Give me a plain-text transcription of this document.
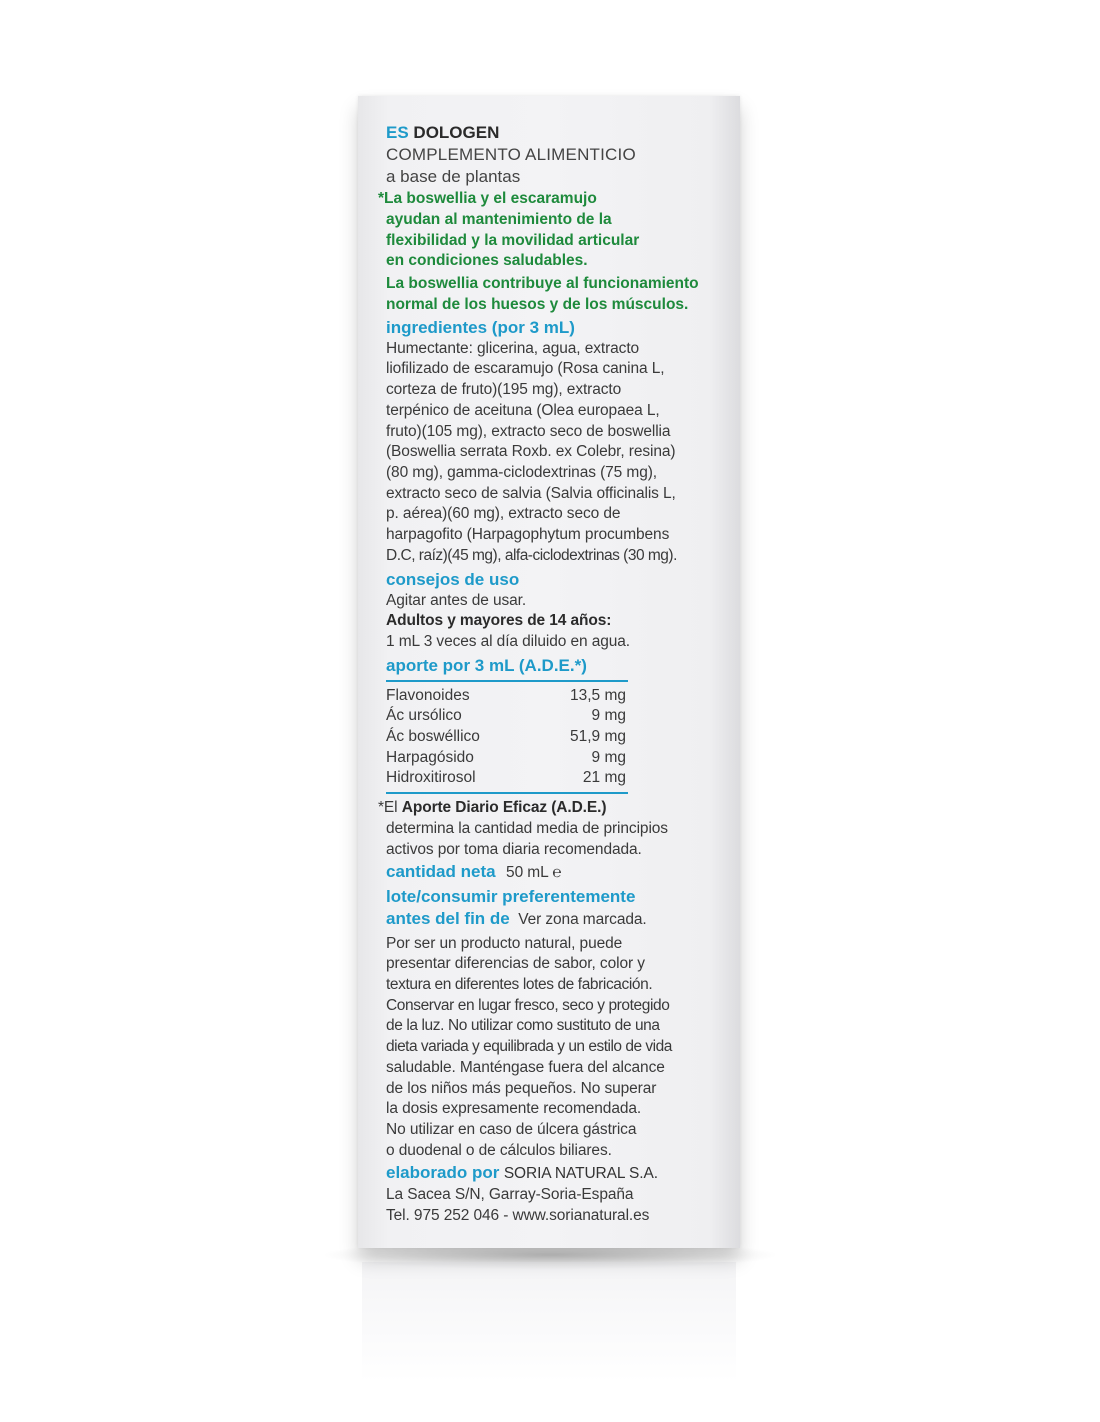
ES DOLOGEN
COMPLEMENTO ALIMENTICIO
a base de plantas
*La boswellia y el escaramujo
ayudan al mantenimiento de la
flexibilidad y la movilidad articular
en condiciones saludables.
La boswellia contribuye al funcionamiento
normal de los huesos y de los músculos.
ingredientes (por 3 mL)
Humectante: glicerina, agua, extracto
liofilizado de escaramujo (Rosa canina L,
corteza de fruto)(195 mg), extracto
terpénico de aceituna (Olea europaea L,
fruto)(105 mg), extracto seco de boswellia
(Boswellia serrata Roxb. ex Colebr, resina)
(80 mg), gamma-ciclodextrinas (75 mg),
extracto seco de salvia (Salvia officinalis L,
p. aérea)(60 mg), extracto seco de
harpagofito (Harpagophytum procumbens
D.C, raíz)(45 mg), alfa-ciclodextrinas (30 mg).
consejos de uso
Agitar antes de usar.
Adultos y mayores de 14 años:
1 mL 3 veces al día diluido en agua.
aporte por 3 mL (A.D.E.*)
Flavonoides	13,5 mg
Ác ursólico	9 mg
Ác boswéllico	51,9 mg
Harpagósido	9 mg
Hidroxitirosol	21 mg
*El Aporte Diario Eficaz (A.D.E.)
determina la cantidad media de principios
activos por toma diaria recomendada.
cantidad neta 50 mL ℮
lote/consumir preferentemente
antes del fin de Ver zona marcada.
Por ser un producto natural, puede
presentar diferencias de sabor, color y
textura en diferentes lotes de fabricación.
Conservar en lugar fresco, seco y protegido
de la luz. No utilizar como sustituto de una
dieta variada y equilibrada y un estilo de vida
saludable. Manténgase fuera del alcance
de los niños más pequeños. No superar
la dosis expresamente recomendada.
No utilizar en caso de úlcera gástrica
o duodenal o de cálculos biliares.
elaborado por SORIA NATURAL S.A.
La Sacea S/N, Garray-Soria-España
Tel. 975 252 046 - www.sorianatural.es
